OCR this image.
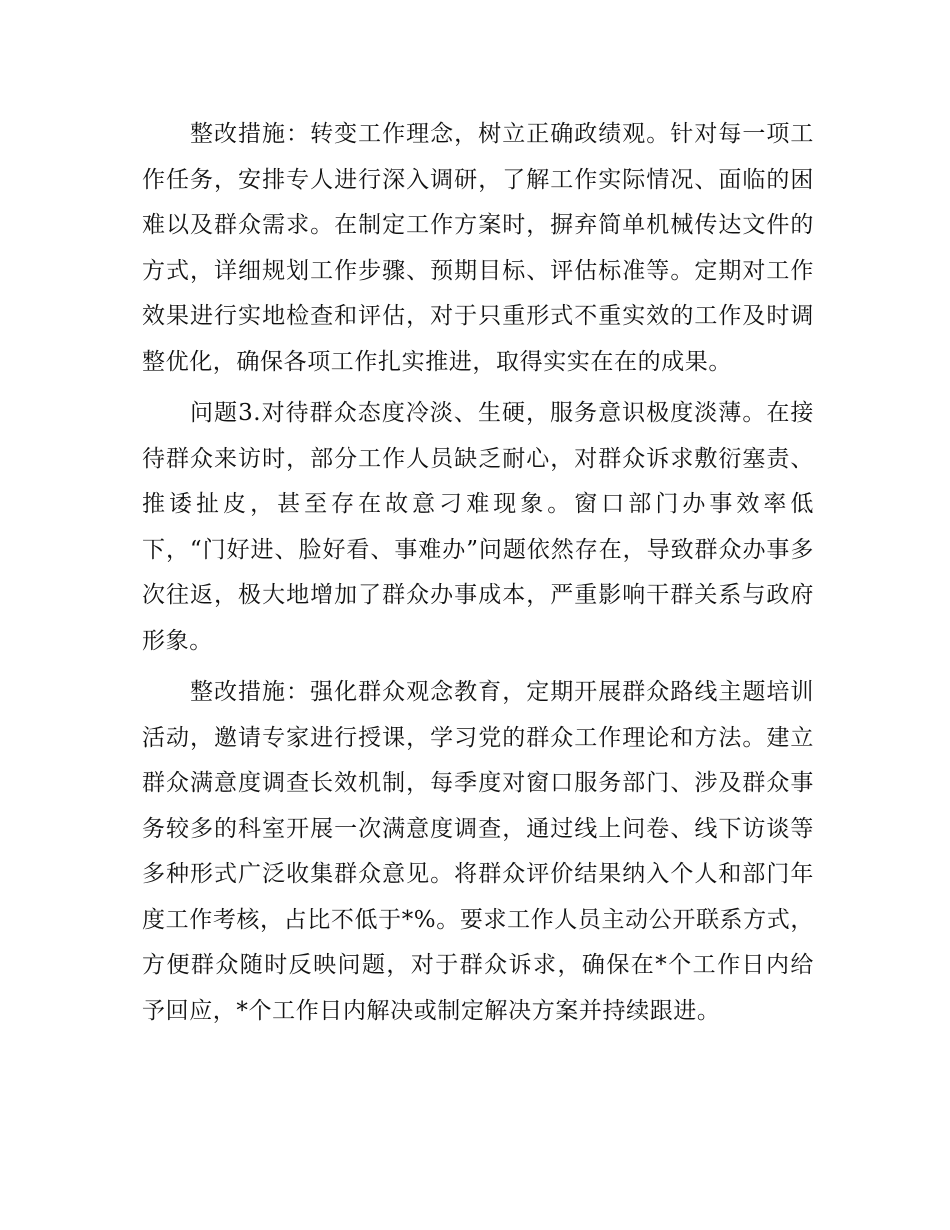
整改措施：转变工作理念，树立正确政绩观。针对每一项工作任务，安排专人进行深入调研，了解工作实际情况、面临的困难以及群众需求。在制定工作方案时，摒弃简单机械传达文件的方式，详细规划工作步骤、预期目标、评估标准等。定期对工作效果进行实地检查和评估，对于只重形式不重实效的工作及时调整优化，确保各项工作扎实推进，取得实实在在的成果。

问题3.对待群众态度冷淡、生硬，服务意识极度淡薄。在接待群众来访时，部分工作人员缺乏耐心，对群众诉求敷衍塞责、推诿扯皮，甚至存在故意刁难现象。窗口部门办事效率低下，“门好进、脸好看、事难办”问题依然存在，导致群众办事多次往返，极大地增加了群众办事成本，严重影响干群关系与政府形象。

整改措施：强化群众观念教育，定期开展群众路线主题培训活动，邀请专家进行授课，学习党的群众工作理论和方法。建立群众满意度调查长效机制，每季度对窗口服务部门、涉及群众事务较多的科室开展一次满意度调查，通过线上问卷、线下访谈等多种形式广泛收集群众意见。将群众评价结果纳入个人和部门年度工作考核，占比不低于*%。要求工作人员主动公开联系方式，方便群众随时反映问题，对于群众诉求，确保在*个工作日内给予回应，*个工作日内解决或制定解决方案并持续跟进。
